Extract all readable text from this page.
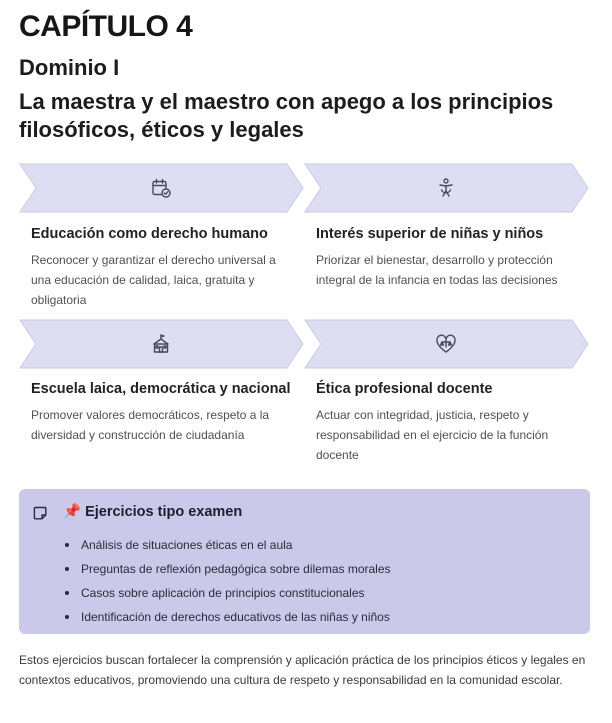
CAPÍTULO 4
Dominio I
La maestra y el maestro con apego a los principios filosóficos, éticos y legales
Educación como derecho humano
Reconocer y garantizar el derecho universal a una educación de calidad, laica, gratuita y obligatoria
Interés superior de niñas y niños
Priorizar el bienestar, desarrollo y protección integral de la infancia en todas las decisiones
Escuela laica, democrática y nacional
Promover valores democráticos, respeto a la diversidad y construcción de ciudadanía
Ética profesional docente
Actuar con integridad, justicia, respeto y responsabilidad en el ejercicio de la función docente
📌 Ejercicios tipo examen
Análisis de situaciones éticas en el aula
Preguntas de reflexión pedagógica sobre dilemas morales
Casos sobre aplicación de principios constitucionales
Identificación de derechos educativos de las niñas y niños

Estos ejercicios buscan fortalecer la comprensión y aplicación práctica de los principios éticos y legales en contextos educativos, promoviendo una cultura de respeto y responsabilidad en la comunidad escolar.
